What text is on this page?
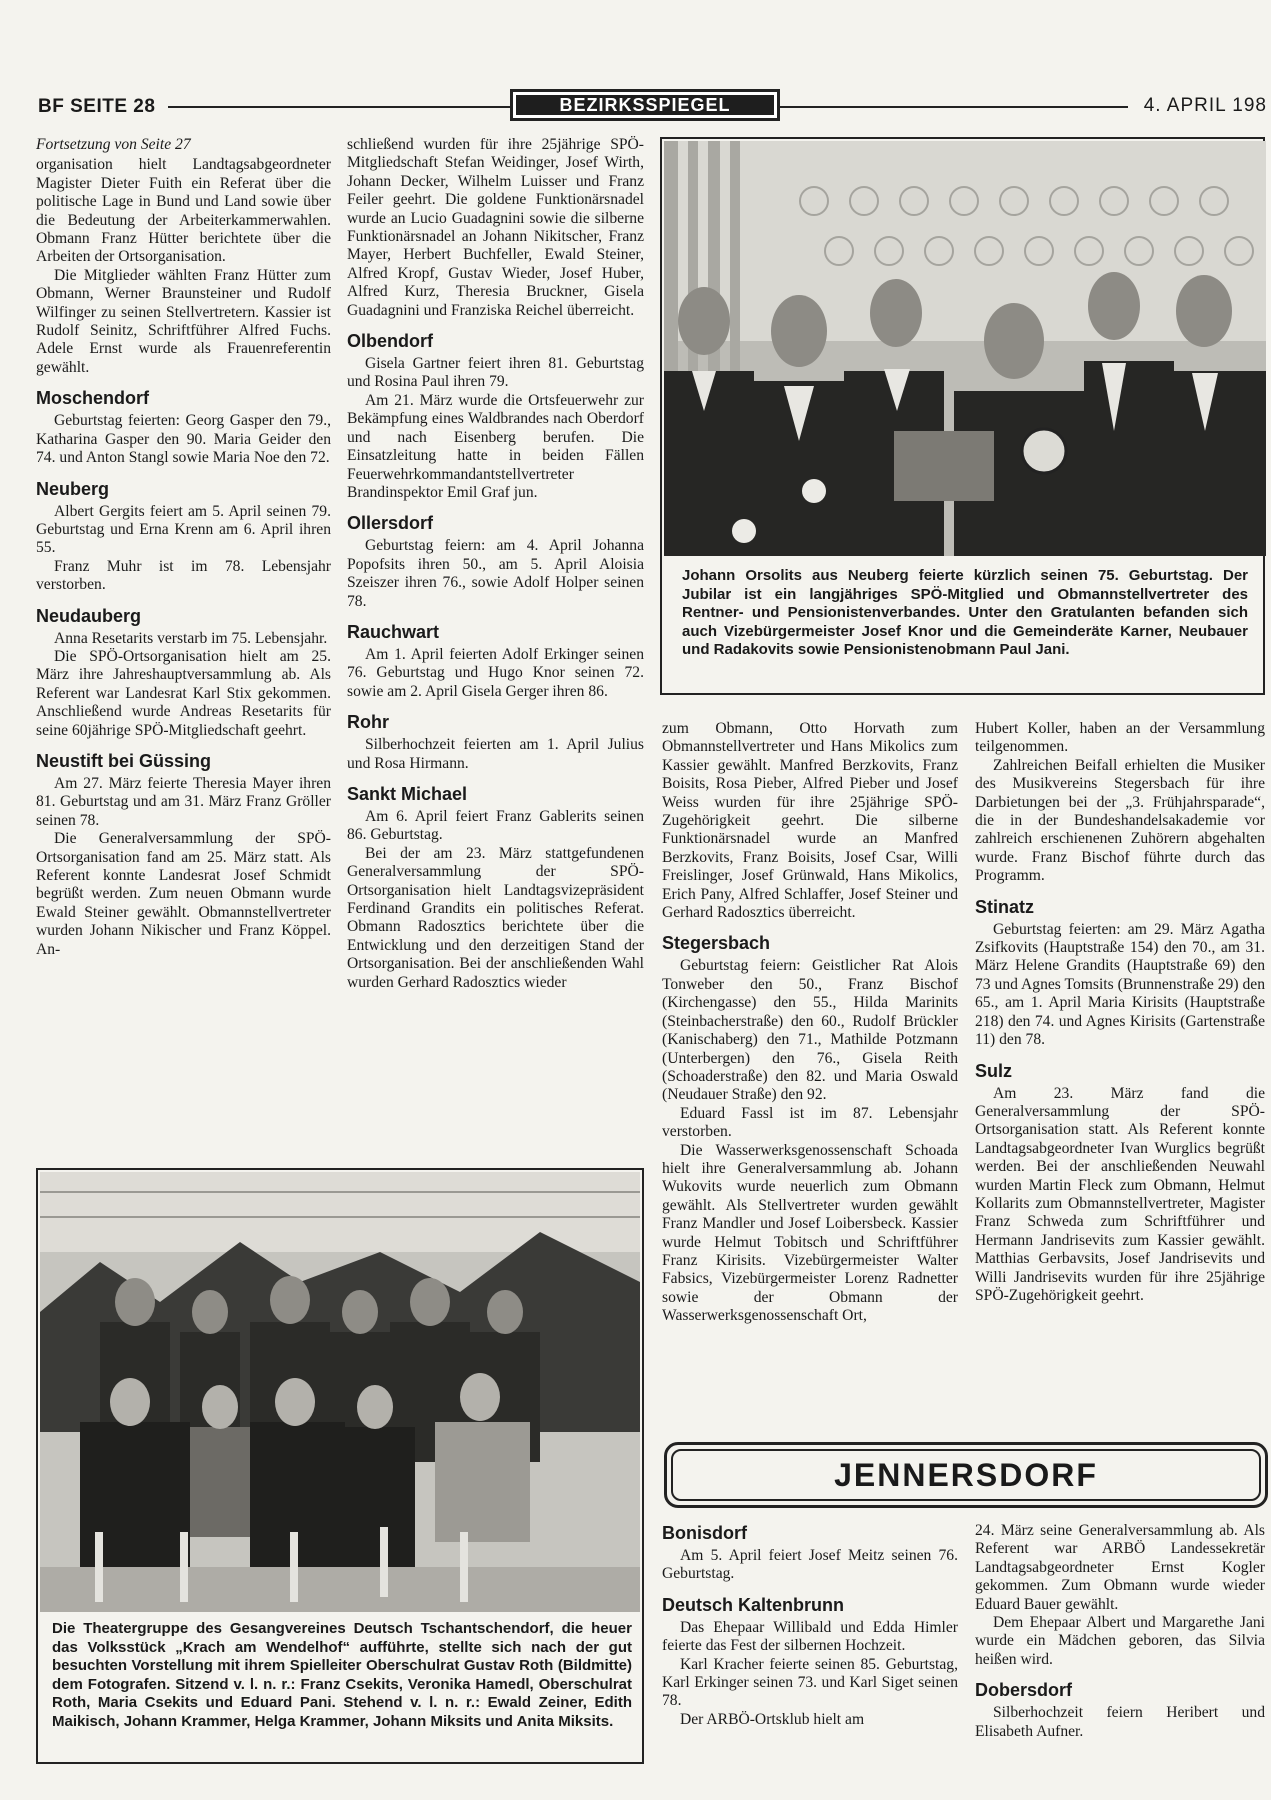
BF SEITE 28	BEZIRKSSPIEGEL	4. APRIL 198

Fortsetzung von Seite 27

organisation hielt Landtagsabgeordneter Magister Dieter Fuith ein Referat über die politische Lage in Bund und Land sowie über die Bedeutung der Arbeiterkammerwahlen. Obmann Franz Hütter berichtete über die Arbeiten der Ortsorganisation.

Die Mitglieder wählten Franz Hütter zum Obmann, Werner Braunsteiner und Rudolf Wilfinger zu seinen Stellvertretern. Kassier ist Rudolf Seinitz, Schriftführer Alfred Fuchs. Adele Ernst wurde als Frauenreferentin gewählt.

Moschendorf

Geburtstag feierten: Georg Gasper den 79., Katharina Gasper den 90. Maria Geider den 74. und Anton Stangl sowie Maria Noe den 72.

Neuberg

Albert Gergits feiert am 5. April seinen 79. Geburtstag und Erna Krenn am 6. April ihren 55.

Franz Muhr ist im 78. Lebensjahr verstorben.

Neudauberg

Anna Resetarits verstarb im 75. Lebensjahr.

Die SPÖ-Ortsorganisation hielt am 25. März ihre Jahreshauptversammlung ab. Als Referent war Landesrat Karl Stix gekommen. Anschließend wurde Andreas Resetarits für seine 60jährige SPÖ-Mitgliedschaft geehrt.

Neustift bei Güssing

Am 27. März feierte Theresia Mayer ihren 81. Geburtstag und am 31. März Franz Gröller seinen 78.

Die Generalversammlung der SPÖ-Ortsorganisation fand am 25. März statt. Als Referent konnte Landesrat Josef Schmidt begrüßt werden. Zum neuen Obmann wurde Ewald Steiner gewählt. Obmannstellvertreter wurden Johann Nikischer und Franz Köppel. An-

schließend wurden für ihre 25jährige SPÖ-Mitgliedschaft Stefan Weidinger, Josef Wirth, Johann Decker, Wilhelm Luisser und Franz Feiler geehrt. Die goldene Funktionärsnadel wurde an Lucio Guadagnini sowie die silberne Funktionärsnadel an Johann Nikitscher, Franz Mayer, Herbert Buchfeller, Ewald Steiner, Alfred Kropf, Gustav Wieder, Josef Huber, Alfred Kurz, Theresia Bruckner, Gisela Guadagnini und Franziska Reichel überreicht.

Olbendorf

Gisela Gartner feiert ihren 81. Geburtstag und Rosina Paul ihren 79.

Am 21. März wurde die Ortsfeuerwehr zur Bekämpfung eines Waldbrandes nach Oberdorf und nach Eisenberg berufen. Die Einsatzleitung hatte in beiden Fällen Feuerwehrkommandantstellvertreter Brandinspektor Emil Graf jun.

Ollersdorf

Geburtstag feiern: am 4. April Johanna Popofsits ihren 50., am 5. April Aloisia Szeiszer ihren 76., sowie Adolf Holper seinen 78.

Rauchwart

Am 1. April feierten Adolf Erkinger seinen 76. Geburtstag und Hugo Knor seinen 72. sowie am 2. April Gisela Gerger ihren 86.

Rohr

Silberhochzeit feierten am 1. April Julius und Rosa Hirmann.

Sankt Michael

Am 6. April feiert Franz Gablerits seinen 86. Geburtstag.

Bei der am 23. März stattgefundenen Generalversammlung der SPÖ-Ortsorganisation hielt Landtagsvizepräsident Ferdinand Grandits ein politisches Referat. Obmann Radosztics berichtete über die Entwicklung und den derzeitigen Stand der Ortsorganisation. Bei der anschließenden Wahl wurden Gerhard Radosztics wieder

Johann Orsolits aus Neuberg feierte kürzlich seinen 75. Geburtstag. Der Jubilar ist ein langjähriges SPÖ-Mitglied und Obmannstellvertreter des Rentner- und Pensionistenverbandes. Unter den Gratulanten befanden sich auch Vizebürgermeister Josef Knor und die Gemeinderäte Karner, Neubauer und Radakovits sowie Pensionistenobmann Paul Jani.

zum Obmann, Otto Horvath zum Obmannstellvertreter und Hans Mikolics zum Kassier gewählt. Manfred Berzkovits, Franz Boisits, Rosa Pieber, Alfred Pieber und Josef Weiss wurden für ihre 25jährige SPÖ-Zugehörigkeit geehrt. Die silberne Funktionärsnadel wurde an Manfred Berzkovits, Franz Boisits, Josef Csar, Willi Freislinger, Josef Grünwald, Hans Mikolics, Erich Pany, Alfred Schlaffer, Josef Steiner und Gerhard Radosztics überreicht.

Stegersbach

Geburtstag feiern: Geistlicher Rat Alois Tonweber den 50., Franz Bischof (Kirchengasse) den 55., Hilda Marinits (Steinbacherstraße) den 60., Rudolf Brückler (Kanischaberg) den 71., Mathilde Potzmann (Unterbergen) den 76., Gisela Reith (Schoaderstraße) den 82. und Maria Oswald (Neudauer Straße) den 92.

Eduard Fassl ist im 87. Lebensjahr verstorben.

Die Wasserwerksgenossenschaft Schoada hielt ihre Generalversammlung ab. Johann Wukovits wurde neuerlich zum Obmann gewählt. Als Stellvertreter wurden gewählt Franz Mandler und Josef Loibersbeck. Kassier wurde Helmut Tobitsch und Schriftführer Franz Kirisits. Vizebürgermeister Walter Fabsics, Vizebürgermeister Lorenz Radnetter sowie der Obmann der Wasserwerksgenossenschaft Ort,

Hubert Koller, haben an der Versammlung teilgenommen.

Zahlreichen Beifall erhielten die Musiker des Musikvereins Stegersbach für ihre Darbietungen bei der „3. Frühjahrsparade“, die in der Bundeshandelsakademie vor zahlreich erschienenen Zuhörern abgehalten wurde. Franz Bischof führte durch das Programm.

Stinatz

Geburtstag feierten: am 29. März Agatha Zsifkovits (Hauptstraße 154) den 70., am 31. März Helene Grandits (Hauptstraße 69) den 73 und Agnes Tomsits (Brunnenstraße 29) den 65., am 1. April Maria Kirisits (Hauptstraße 218) den 74. und Agnes Kirisits (Gartenstraße 11) den 78.

Sulz

Am 23. März fand die Generalversammlung der SPÖ-Ortsorganisation statt. Als Referent konnte Landtagsabgeordneter Ivan Wurglics begrüßt werden. Bei der anschließenden Neuwahl wurden Martin Fleck zum Obmann, Helmut Kollarits zum Obmannstellvertreter, Magister Franz Schweda zum Schriftführer und Hermann Jandrisevits zum Kassier gewählt. Matthias Gerbavsits, Josef Jandrisevits und Willi Jandrisevits wurden für ihre 25jährige SPÖ-Zugehörigkeit geehrt.

Die Theatergruppe des Gesangvereines Deutsch Tschantschendorf, die heuer das Volksstück „Krach am Wendelhof“ aufführte, stellte sich nach der gut besuchten Vorstellung mit ihrem Spielleiter Oberschulrat Gustav Roth (Bildmitte) dem Fotografen. Sitzend v. l. n. r.: Franz Csekits, Veronika Hamedl, Oberschulrat Roth, Maria Csekits und Eduard Pani. Stehend v. l. n. r.: Ewald Zeiner, Edith Maikisch, Johann Krammer, Helga Krammer, Johann Miksits und Anita Miksits.
JENNERSDORF
Bonisdorf

Am 5. April feiert Josef Meitz seinen 76. Geburtstag.

Deutsch Kaltenbrunn

Das Ehepaar Willibald und Edda Himler feierte das Fest der silbernen Hochzeit.

Karl Kracher feierte seinen 85. Geburtstag, Karl Erkinger seinen 73. und Karl Siget seinen 78.

Der ARBÖ-Ortsklub hielt am

24. März seine Generalversammlung ab. Als Referent war ARBÖ Landessekretär Landtagsabgeordneter Ernst Kogler gekommen. Zum Obmann wurde wieder Eduard Bauer gewählt.

Dem Ehepaar Albert und Margarethe Jani wurde ein Mädchen geboren, das Silvia heißen wird.

Dobersdorf

Silberhochzeit feiern Heribert und Elisabeth Aufner.
